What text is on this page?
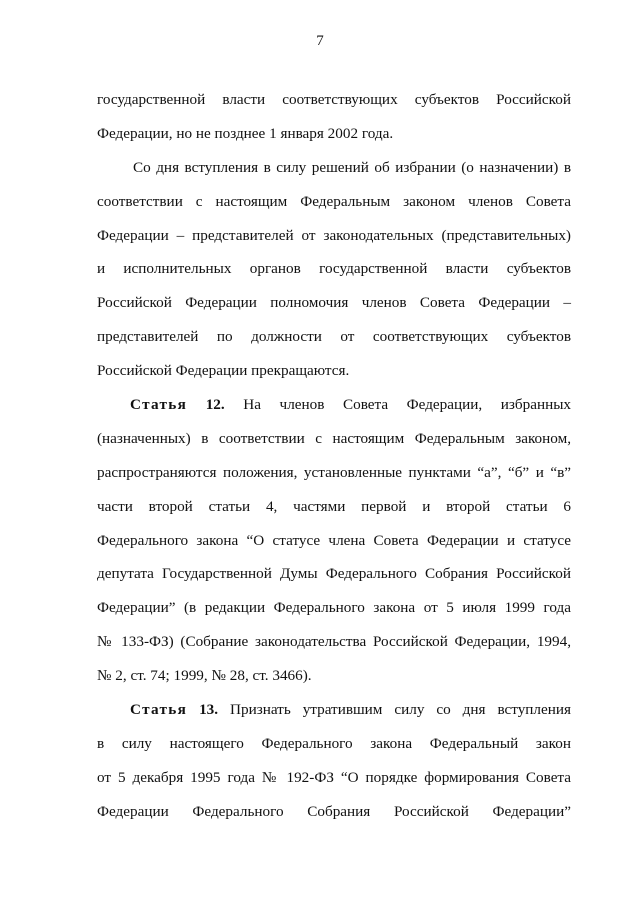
7

государственной власти соответствующих субъектов Российской
Федерации, но не позднее 1 января 2002 года.

Со дня вступления в силу решений об избрании (о назначении) в
соответствии с настоящим Федеральным законом членов Совета
Федерации – представителей от законодательных (представительных)
и исполнительных органов государственной власти субъектов
Российской Федерации полномочия членов Совета Федерации –
представителей по должности от соответствующих субъектов
Российской Федерации прекращаются.

Статья 12. На членов Совета Федерации, избранных
(назначенных) в соответствии с настоящим Федеральным законом,
распространяются положения, установленные пунктами “а”, “б” и “в”
части второй статьи 4, частями первой и второй статьи 6
Федерального закона “О статусе члена Совета Федерации и статусе
депутата Государственной Думы Федерального Собрания Российской
Федерации” (в редакции Федерального закона от 5 июля 1999 года
№ 133-ФЗ) (Собрание законодательства Российской Федерации, 1994,
№ 2, ст. 74; 1999, № 28, ст. 3466).

Статья 13. Признать утратившим силу со дня вступления
в силу настоящего Федерального закона Федеральный закон
от 5 декабря 1995 года № 192-ФЗ “О порядке формирования Совета
Федерации Федерального Собрания Российской Федерации”
